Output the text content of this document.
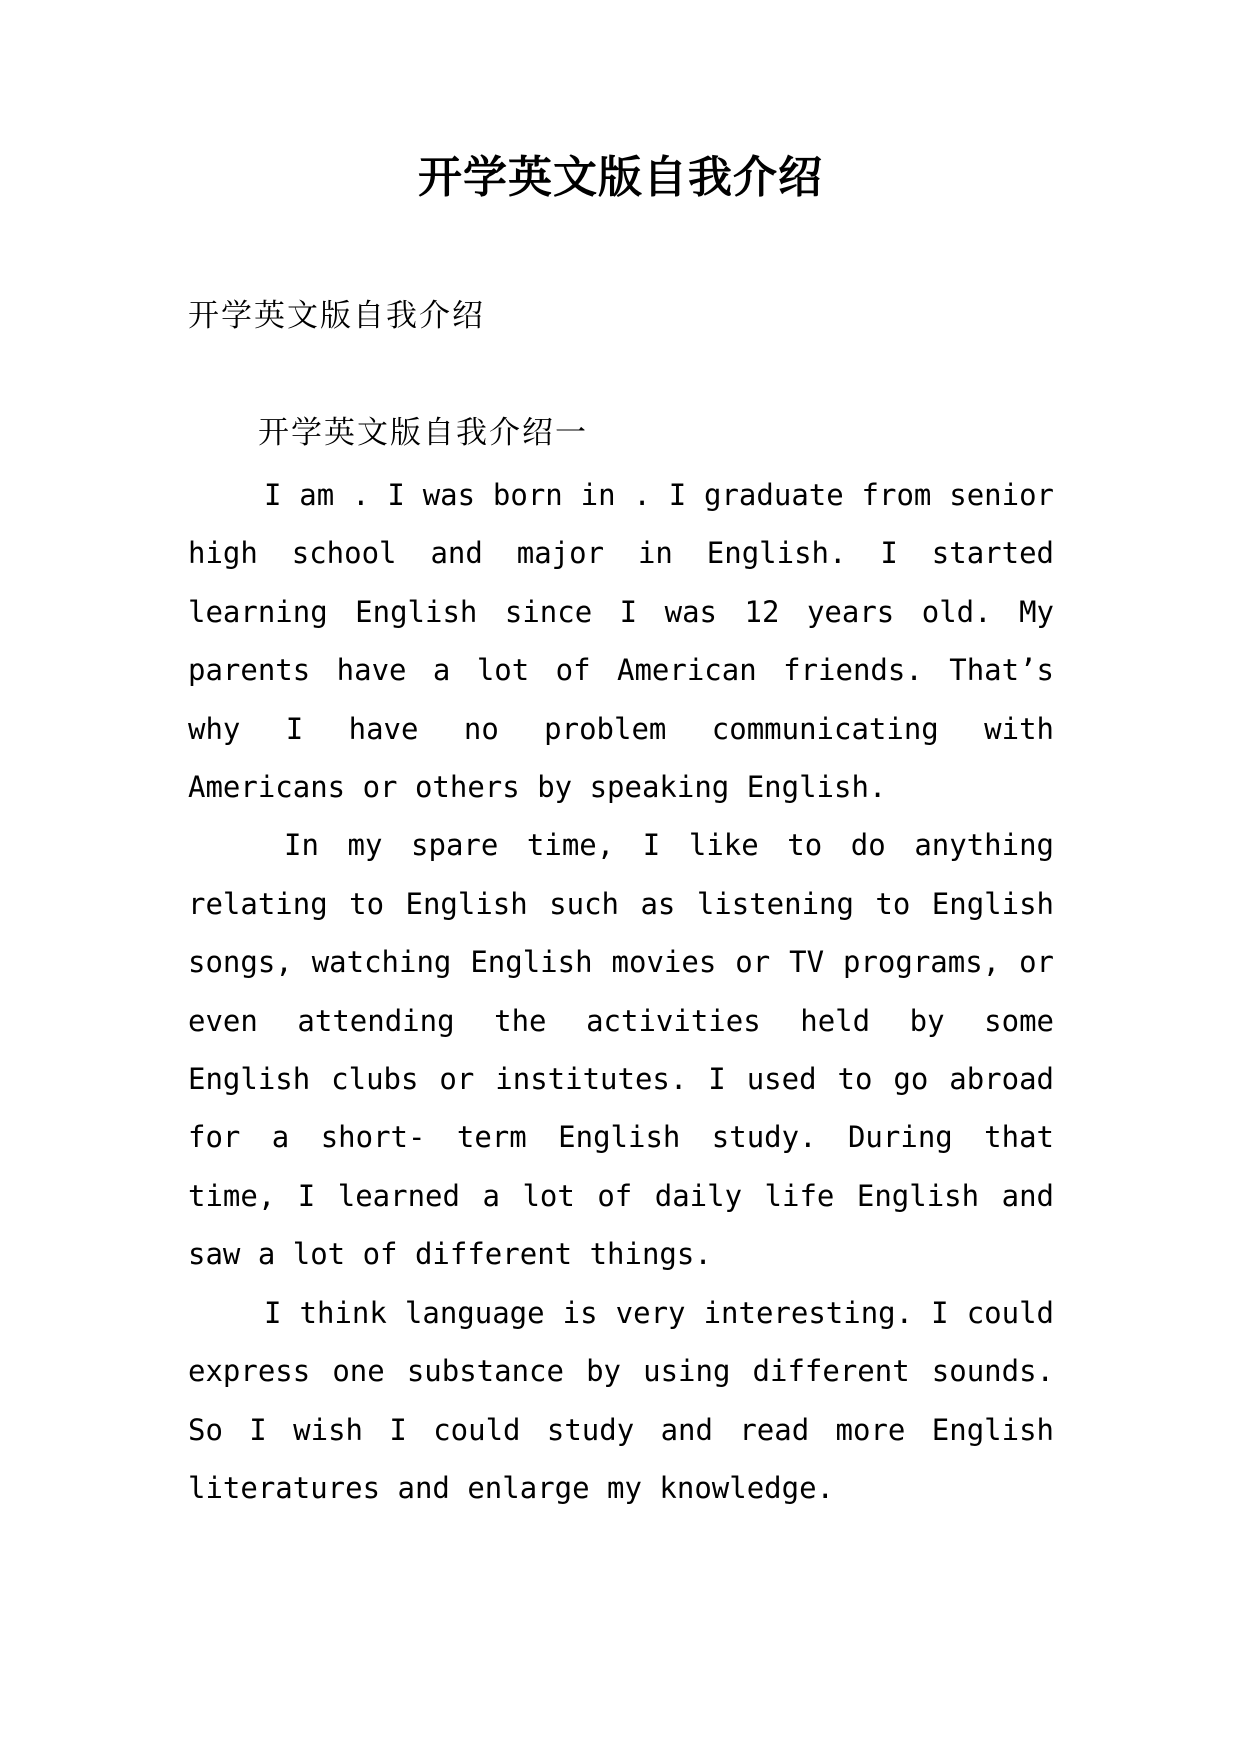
开学英文版自我介绍

开学英文版自我介绍

开学英文版自我介绍一

I am . I was born in . I graduate from senior high school and major in English. I started learning English since I was 12 years old. My parents have a lot of American friends. That’s why I have no problem communicating with Americans or others by speaking English.

In my spare time, I like to do anything relating to English such as listening to English songs, watching English movies or TV programs, or even attending the activities held by some English clubs or institutes. I used to go abroad for a short- term English study. During that time, I learned a lot of daily life English and saw a lot of different things.

I think language is very interesting. I could express one substance by using different sounds. So I wish I could study and read more English literatures and enlarge my knowledge.
